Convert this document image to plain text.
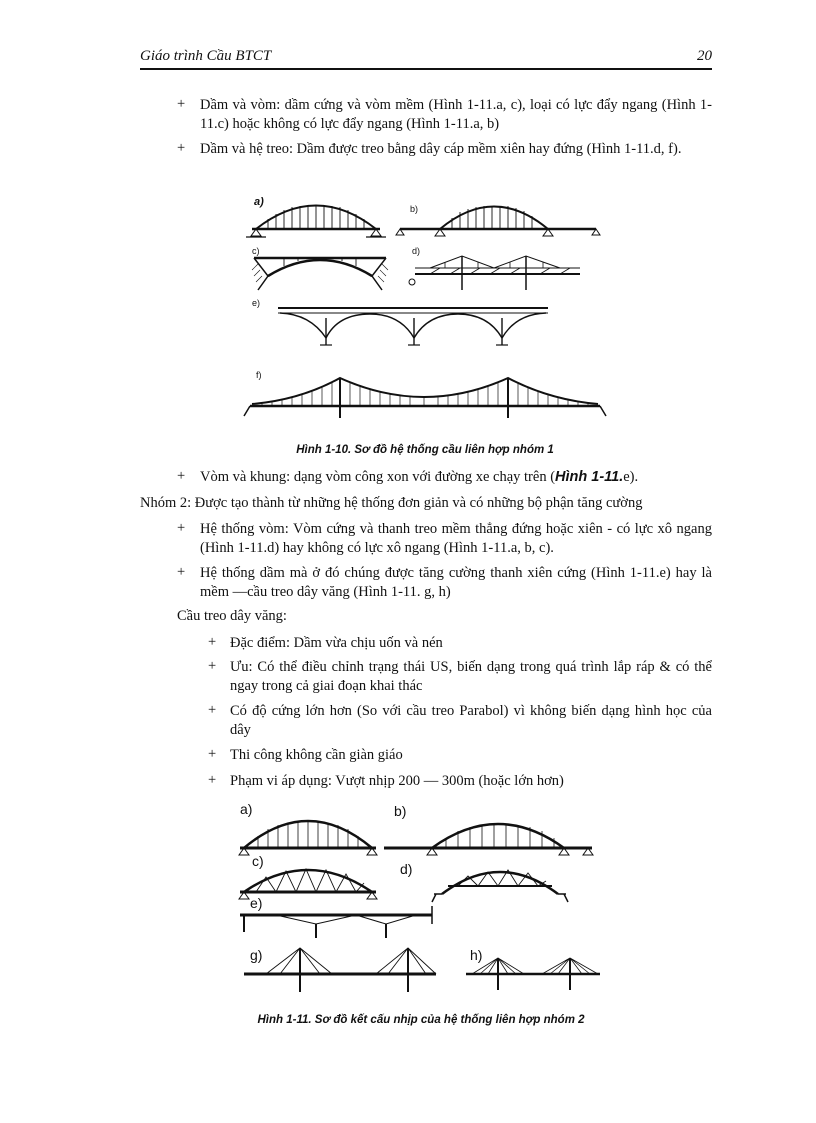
Giáo trình Cầu BTCT	20
+ Dầm và vòm: dầm cứng và vòm mềm (Hình 1-11.a, c), loại có lực đẩy ngang (Hình 1-11.c) hoặc không có lực đẩy ngang (Hình 1-11.a, b)
+ Dầm và hệ treo: Dầm được treo bằng dây cáp mềm xiên hay đứng (Hình 1-11.d, f).
a)
b)
c)	d)
e)
f)
Hình 1-10. Sơ đồ hệ thống cầu liên hợp nhóm 1
+ Vòm và khung: dạng vòm công xon với đường xe chạy trên (Hình 1-11.e).
Nhóm 2: Được tạo thành từ những hệ thống đơn giản và có những bộ phận tăng cường
+ Hệ thống vòm: Vòm cứng và thanh treo mềm thẳng đứng hoặc xiên - có lực xô ngang (Hình 1-11.d) hay không có lực xô ngang (Hình 1-11.a, b, c).
+ Hệ thống dầm mà ở đó chúng được tăng cường thanh xiên cứng (Hình 1-11.e) hay là mềm —cầu treo dây văng (Hình 1-11. g, h)
Cầu treo dây văng:
+ Đặc điểm: Dầm vừa chịu uốn và nén
+ Ưu: Có thể điều chỉnh trạng thái US, biến dạng trong quá trình lắp ráp & có thể ngay trong cả giai đoạn khai thác
+ Có độ cứng lớn hơn (So với cầu treo Parabol) vì không biến dạng hình học của dây
+ Thi công không cần giàn giáo
+ Phạm vi áp dụng: Vượt nhịp 200 — 300m (hoặc lớn hơn)
a)	b)
c)	d)
e)
g)	h)
Hình 1-11. Sơ đồ kết cấu nhịp của hệ thống liên hợp nhóm 2
